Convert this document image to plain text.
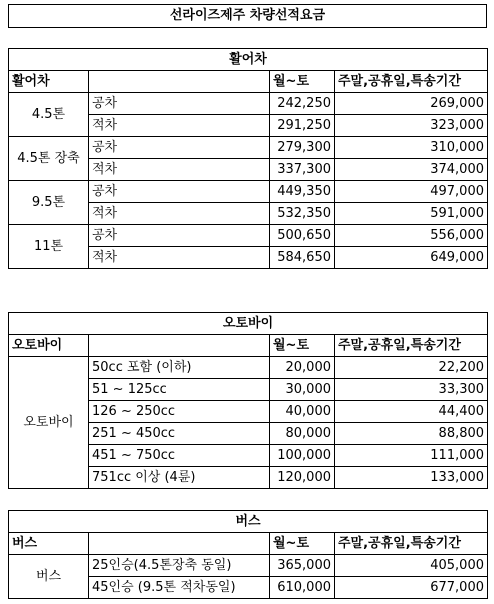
선라이즈제주 차량선적요금
활어차			
활어차		월~토	주말,공휴일,특송기간
4.5톤	공차	242,250	269,000
	적차	291,250	323,000
4.5톤 장축	공차	279,300	310,000
	적차	337,300	374,000
9.5톤	공차	449,350	497,000
	적차	532,350	591,000
11톤	공차	500,650	556,000
	적차	584,650	649,000
오토바이			
오토바이		월~토	주말,공휴일,특송기간
오토바이	50cc 포함 (이하)	20,000	22,200
	51 ~ 125cc	30,000	33,300
	126 ~ 250cc	40,000	44,400
	251 ~ 450cc	80,000	88,800
	451 ~ 750cc	100,000	111,000
	751cc 이상 (4륜)	120,000	133,000
버스			
버스		월~토	주말,공휴일,특송기간
버스	25인승(4.5톤장축 동일)	365,000	405,000
	45인승 (9.5톤 적차동일)	610,000	677,000
